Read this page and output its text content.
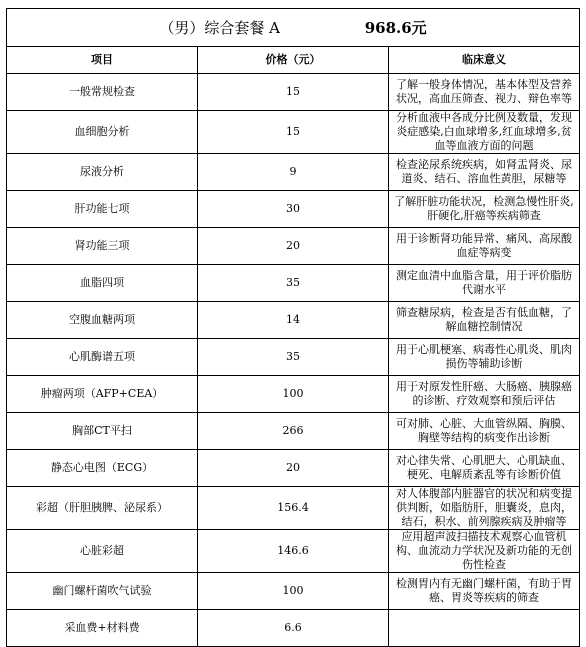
（男）综合套餐 A 968.6元		
项目	价格（元）	临床意义
一般常规检查	15	了解一般身体情况，基本体型及营养状况，高血压筛查、视力、辩色率等
血细胞分析	15	分析血液中各成分比例及数量，发现炎症感染,白血球增多,红血球增多,贫血等血液方面的问题
尿液分析	9	检查泌尿系统疾病，如肾盂肾炎、尿道炎、结石、溶血性黄胆，尿糖等
肝功能七项	30	了解肝脏功能状况，检测急慢性肝炎,肝硬化,肝癌等疾病筛查
肾功能三项	20	用于诊断肾功能异常、痛风、高尿酸血症等病变
血脂四项	35	测定血清中血脂含量，用于评价脂肪代谢水平
空腹血糖两项	14	筛查糖尿病，检查是否有低血糖，了解血糖控制情况
心肌酶谱五项	35	用于心肌梗塞、病毒性心肌炎、肌肉损伤等辅助诊断
肿瘤两项（AFP+CEA）	100	用于对原发性肝癌、大肠癌、胰腺癌的诊断、疗效观察和预后评估
胸部CT平扫	266	可对肺、心脏、大血管纵隔、胸膜、胸壁等结构的病变作出诊断
静态心电图（ECG）	20	对心律失常、心肌肥大、心肌缺血、梗死、电解质紊乱等有诊断价值
彩超（肝胆胰脾、泌尿系）	156.4	对人体腹部内脏器官的状况和病变提供判断，如脂肪肝，胆囊炎，息肉，结石，积水、前列腺疾病及肿瘤等
心脏彩超	146.6	应用超声波扫描技术观察心血管机构、血流动力学状况及新功能的无创伤性检查
幽门螺杆菌吹气试验	100	检测胃内有无幽门螺杆菌，有助于胃癌、胃炎等疾病的筛查
采血费+材料费	6.6	
